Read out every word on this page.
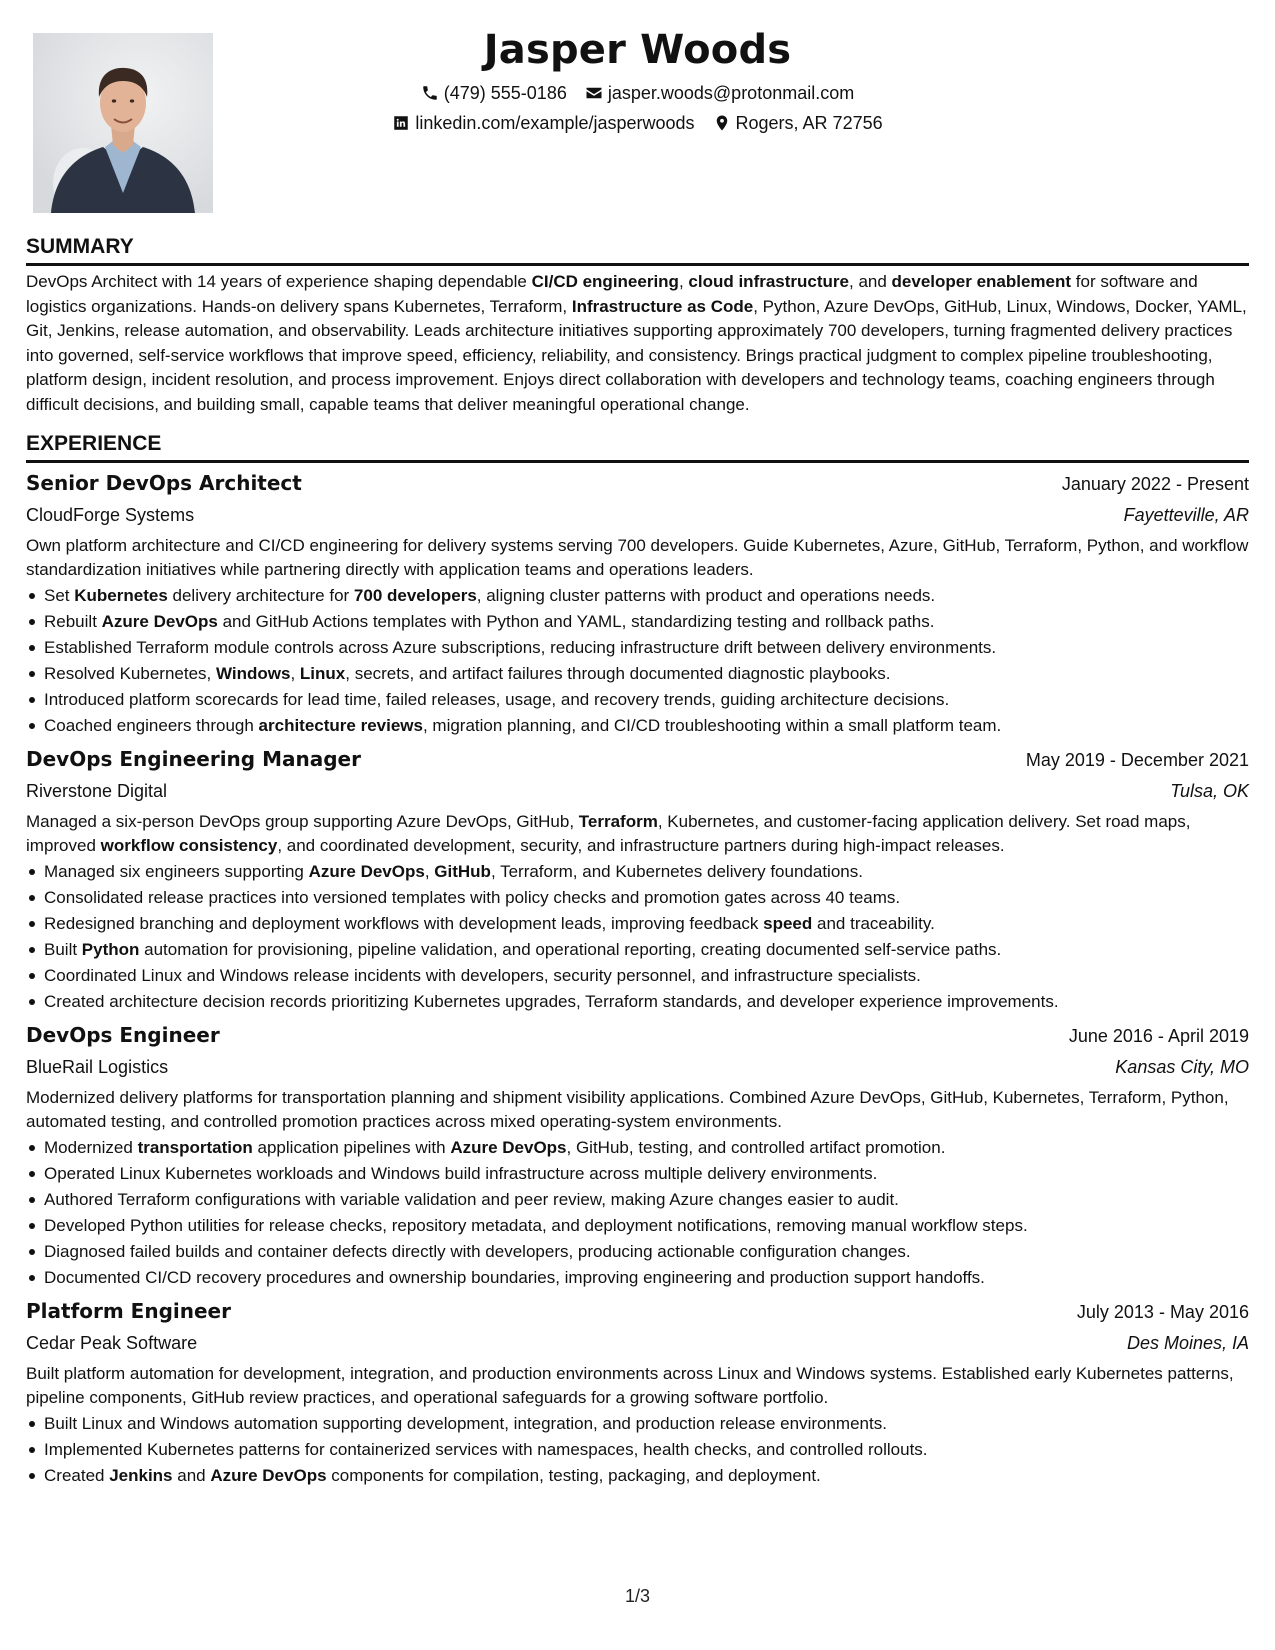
Jasper Woods
(479) 555-0186 jasper.woods@protonmail.com
linkedin.com/example/jasperwoods Rogers, AR 72756
SUMMARY

DevOps Architect with 14 years of experience shaping dependable CI/CD engineering, cloud infrastructure, and developer enablement for software and logistics organizations. Hands-on delivery spans Kubernetes, Terraform, Infrastructure as Code, Python, Azure DevOps, GitHub, Linux, Windows, Docker, YAML, Git, Jenkins, release automation, and observability. Leads architecture initiatives supporting approximately 700 developers, turning fragmented delivery practices into governed, self-service workflows that improve speed, efficiency, reliability, and consistency. Brings practical judgment to complex pipeline troubleshooting, platform design, incident resolution, and process improvement. Enjoys direct collaboration with developers and technology teams, coaching engineers through difficult decisions, and building small, capable teams that deliver meaningful operational change.

EXPERIENCE
Senior DevOps Architect	January 2022 - Present
CloudForge Systems	Fayetteville, AR

Own platform architecture and CI/CD engineering for delivery systems serving 700 developers. Guide Kubernetes, Azure, GitHub, Terraform, Python, and workflow standardization initiatives while partnering directly with application teams and operations leaders.

Set Kubernetes delivery architecture for 700 developers, aligning cluster patterns with product and operations needs.
Rebuilt Azure DevOps and GitHub Actions templates with Python and YAML, standardizing testing and rollback paths.
Established Terraform module controls across Azure subscriptions, reducing infrastructure drift between delivery environments.
Resolved Kubernetes, Windows, Linux, secrets, and artifact failures through documented diagnostic playbooks.
Introduced platform scorecards for lead time, failed releases, usage, and recovery trends, guiding architecture decisions.
Coached engineers through architecture reviews, migration planning, and CI/CD troubleshooting within a small platform team.
DevOps Engineering Manager	May 2019 - December 2021
Riverstone Digital	Tulsa, OK

Managed a six-person DevOps group supporting Azure DevOps, GitHub, Terraform, Kubernetes, and customer-facing application delivery. Set road maps, improved workflow consistency, and coordinated development, security, and infrastructure partners during high-impact releases.

Managed six engineers supporting Azure DevOps, GitHub, Terraform, and Kubernetes delivery foundations.
Consolidated release practices into versioned templates with policy checks and promotion gates across 40 teams.
Redesigned branching and deployment workflows with development leads, improving feedback speed and traceability.
Built Python automation for provisioning, pipeline validation, and operational reporting, creating documented self-service paths.
Coordinated Linux and Windows release incidents with developers, security personnel, and infrastructure specialists.
Created architecture decision records prioritizing Kubernetes upgrades, Terraform standards, and developer experience improvements.
DevOps Engineer	June 2016 - April 2019
BlueRail Logistics	Kansas City, MO

Modernized delivery platforms for transportation planning and shipment visibility applications. Combined Azure DevOps, GitHub, Kubernetes, Terraform, Python, automated testing, and controlled promotion practices across mixed operating-system environments.

Modernized transportation application pipelines with Azure DevOps, GitHub, testing, and controlled artifact promotion.
Operated Linux Kubernetes workloads and Windows build infrastructure across multiple delivery environments.
Authored Terraform configurations with variable validation and peer review, making Azure changes easier to audit.
Developed Python utilities for release checks, repository metadata, and deployment notifications, removing manual workflow steps.
Diagnosed failed builds and container defects directly with developers, producing actionable configuration changes.
Documented CI/CD recovery procedures and ownership boundaries, improving engineering and production support handoffs.
Platform Engineer	July 2013 - May 2016
Cedar Peak Software	Des Moines, IA

Built platform automation for development, integration, and production environments across Linux and Windows systems. Established early Kubernetes patterns, pipeline components, GitHub review practices, and operational safeguards for a growing software portfolio.

Built Linux and Windows automation supporting development, integration, and production release environments.
Implemented Kubernetes patterns for containerized services with namespaces, health checks, and controlled rollouts.
Created Jenkins and Azure DevOps components for compilation, testing, packaging, and deployment.
1/3
